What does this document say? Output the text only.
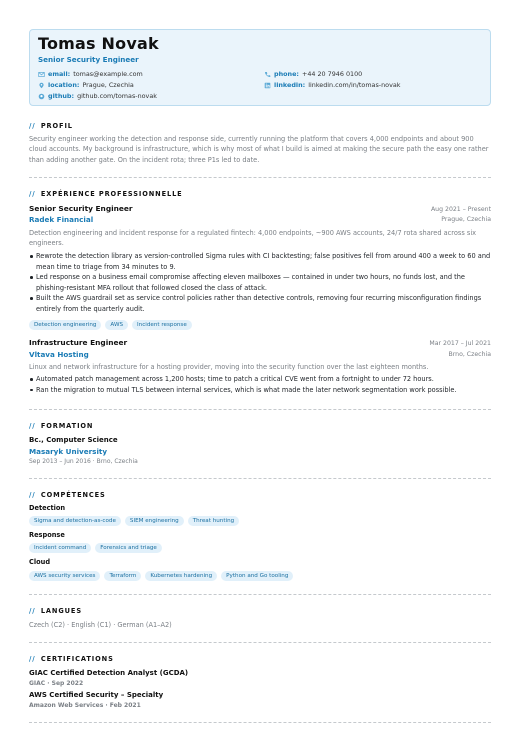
Tomas Novak
Senior Security Engineer
email: tomas@example.com
location: Prague, Czechia
github: github.com/tomas-novak
phone: +44 20 7946 0100
linkedin: linkedin.com/in/tomas-novak
// PROFIL
Security engineer working the detection and response side, currently running the platform that covers 4,000 endpoints and about 900 cloud accounts. My background is infrastructure, which is why most of what I build is aimed at making the secure path the easy one rather than adding another gate. On the incident rota; three P1s led to date.
// EXPÉRIENCE PROFESSIONNELLE
Senior Security Engineer	Aug 2021 – Present
Radek Financial	Prague, Czechia
Detection engineering and incident response for a regulated fintech: 4,000 endpoints, ~900 AWS accounts, 24/7 rota shared across six engineers.
Rewrote the detection library as version-controlled Sigma rules with CI backtesting; false positives fell from around 400 a week to 60 and mean time to triage from 34 minutes to 9.
Led response on a business email compromise affecting eleven mailboxes — contained in under two hours, no funds lost, and the phishing-resistant MFA rollout that followed closed the class of attack.
Built the AWS guardrail set as service control policies rather than detective controls, removing four recurring misconfiguration findings entirely from the quarterly audit.
Detection engineering	AWS	Incident response
Infrastructure Engineer	Mar 2017 – Jul 2021
Vltava Hosting	Brno, Czechia
Linux and network infrastructure for a hosting provider, moving into the security function over the last eighteen months.
Automated patch management across 1,200 hosts; time to patch a critical CVE went from a fortnight to under 72 hours.
Ran the migration to mutual TLS between internal services, which is what made the later network segmentation work possible.
// FORMATION
Bc., Computer Science
Masaryk University
Sep 2013 – Jun 2016 · Brno, Czechia
// COMPÉTENCES
Detection
Sigma and detection-as-code	SIEM engineering	Threat hunting
Response
Incident command	Forensics and triage
Cloud
AWS security services	Terraform	Kubernetes hardening	Python and Go tooling
// LANGUES
Czech (C2) · English (C1) · German (A1–A2)
// CERTIFICATIONS
GIAC Certified Detection Analyst (GCDA)
GIAC · Sep 2022
AWS Certified Security – Specialty
Amazon Web Services · Feb 2021
